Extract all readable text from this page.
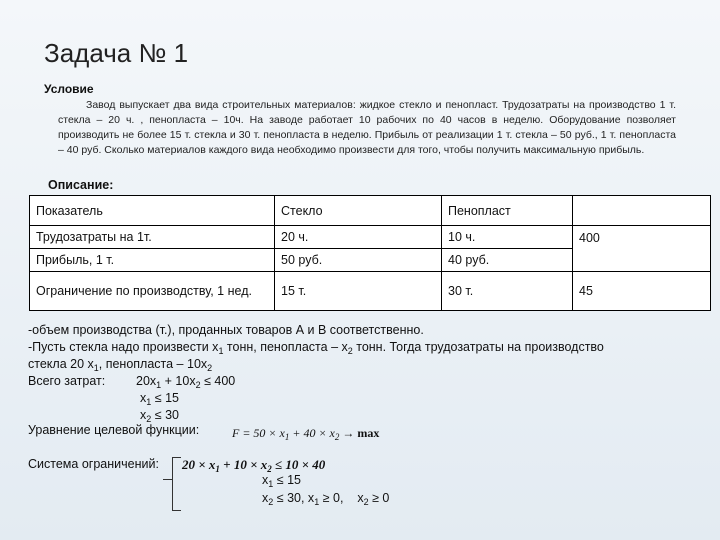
Задача № 1
Условие
Завод выпускает два вида строительных материалов: жидкое стекло и пенопласт. Трудозатраты на производство 1 т. стекла – 20 ч. , пенопласта – 10ч. На заводе работает 10 рабочих по 40 часов в неделю. Оборудование позволяет производить не более 15 т. стекла и 30 т. пенопласта в неделю. Прибыль от реализации 1 т. стекла – 50 руб., 1 т. пенопласта – 40 руб. Сколько материалов каждого вида необходимо произвести для того, чтобы получить максимальную прибыль.
Описание:
Показатель	Стекло	Пенопласт	
Трудозатраты на 1т.	20 ч.	10 ч.	400
Прибыль, 1 т.	50 руб.	40 руб.	
Ограничение по производству, 1 нед.	15 т.	30 т.	45
-объем производства (т.), проданных товаров А и В соответственно.
-Пусть стекла надо произвести $x_1$ тонн, пенопласта – $x_2$ тонн. Тогда трудозатраты на производство
стекла 20 $x_1$, пенопласта – $10x_2$
Всего затрат: $20x_1 + 10x_2 \le 400$
$x_1 \le 15$
$x_2 \le 30$
Уравнение целевой функции:	$F = 50 \times x_1 + 40 \times x_2 \to \max$
Система ограничений: $20 \times x_1 + 10 \times x_2 \le 10 \times 40$
$x_1 \le 15$
$x_2 \le 30$, $x_1 \ge 0$, $x_2 \ge 0$
